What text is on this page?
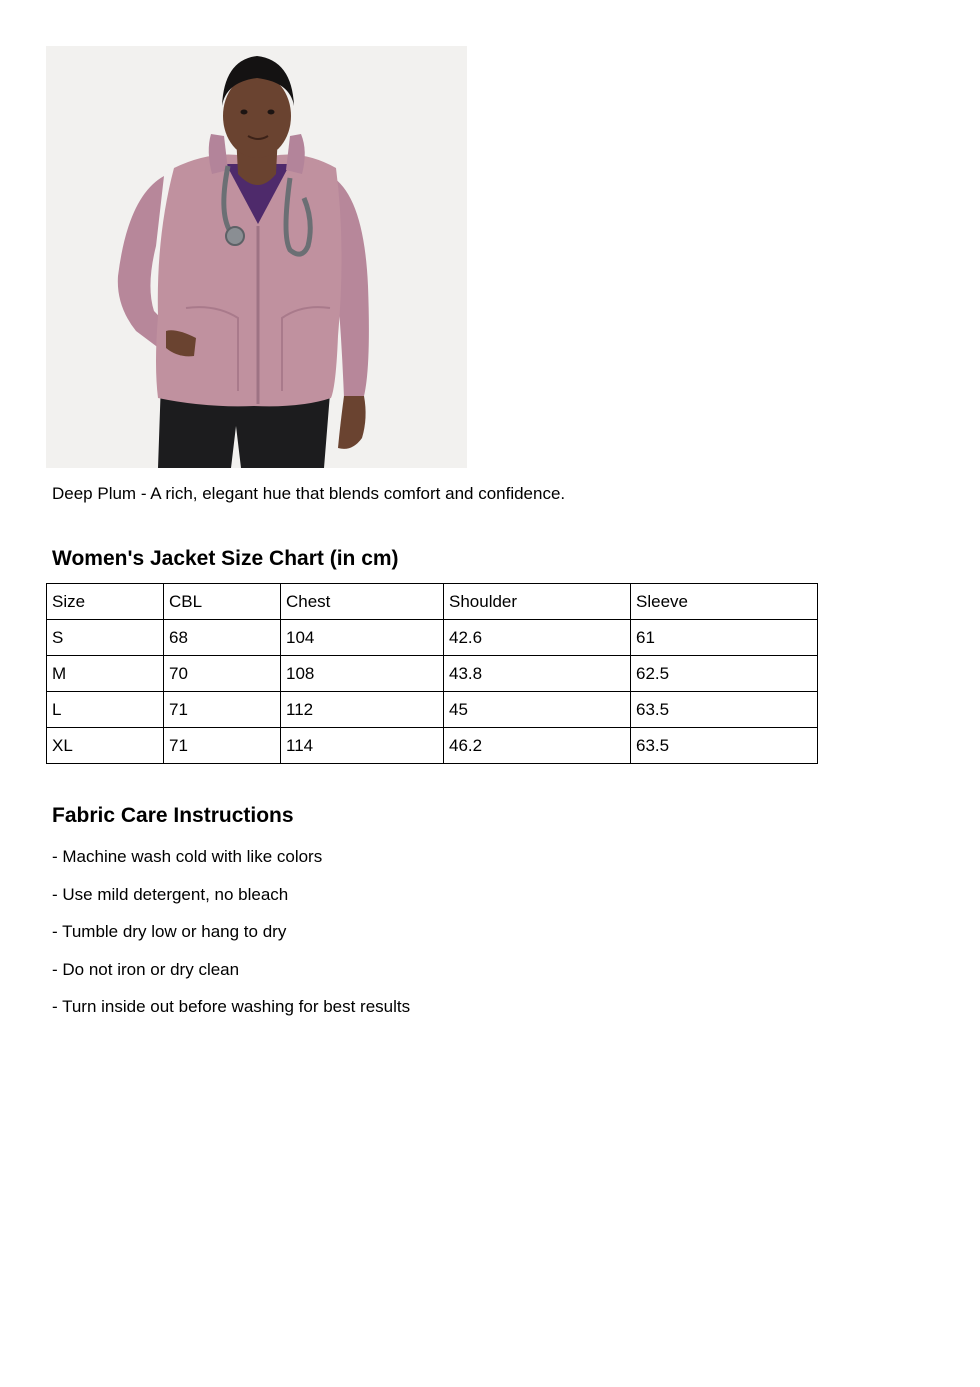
Deep Plum - A rich, elegant hue that blends comfort and confidence.
Women's Jacket Size Chart (in cm)
Size	CBL	Chest	Shoulder	Sleeve
S	68	104	42.6	61
M	70	108	43.8	62.5
L	71	112	45	63.5
XL	71	114	46.2	63.5
Fabric Care Instructions
- Machine wash cold with like colors
- Use mild detergent, no bleach
- Tumble dry low or hang to dry
- Do not iron or dry clean
- Turn inside out before washing for best results
